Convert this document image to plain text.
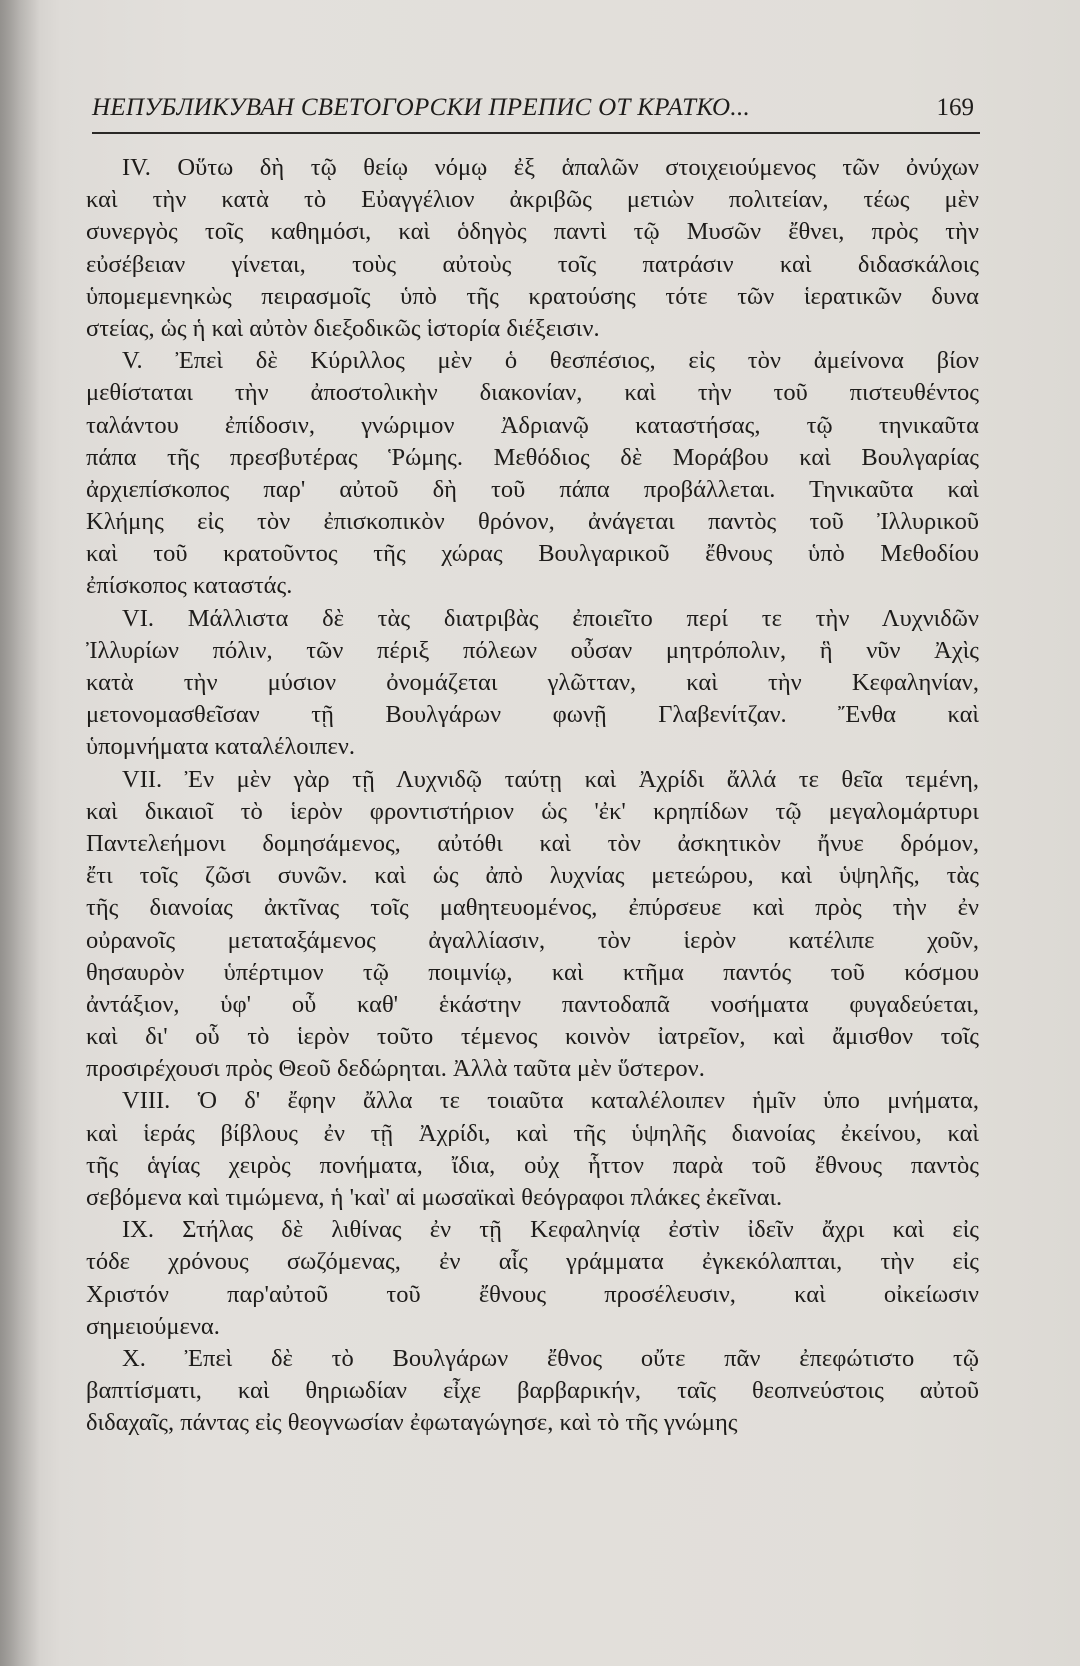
НЕПУБЛИКУВАН СВЕТОГОРСКИ ПРЕПИС ОТ КРАТКО...	169
IV. Οὕτω δὴ τῷ θείῳ νόμῳ ἐξ ἁπαλῶν στοιχειούμενος τῶν ὀνύχων
καὶ τὴν κατὰ τὸ Εὐαγγέλιον ἀκριβῶς μετιὼν πολιτείαν, τέως μὲν
συνεργὸς τοῖς καθημόσι, καὶ ὁδηγὸς παντὶ τῷ Μυσῶν ἔθνει, πρὸς τὴν
εὐσέβειαν γίνεται, τοὺς αὐτοὺς τοῖς πατράσιν καὶ διδασκάλοις
ὑπομεμενηκὼς πειρασμοῖς ὑπὸ τῆς κρατούσης τότε τῶν ἱερατικῶν δυνα
στείας, ὡς ἡ καὶ αὐτὸν διεξοδικῶς ἱστορία διέξεισιν.
V. Ἐπεὶ δὲ Κύριλλος μὲν ὁ θεσπέσιος, εἰς τὸν ἀμείνονα βίον
μεθίσταται τὴν ἀποστολικὴν διακονίαν, καὶ τὴν τοῦ πιστευθέντος
ταλάντου ἐπίδοσιν, γνώριμον Ἀδριανῷ καταστήσας, τῷ τηνικαῦτα
πάπα τῆς πρεσβυτέρας Ῥώμης. Μεθόδιος δὲ Μοράβου καὶ Βουλγαρίας
ἀρχιεπίσκοπος παρ' αὐτοῦ δὴ τοῦ πάπα προβάλλεται. Τηνικαῦτα καὶ
Κλήμης εἰς τὸν ἐπισκοπικὸν θρόνον, ἀνάγεται παντὸς τοῦ Ἰλλυρικοῦ
καὶ τοῦ κρατοῦντος τῆς χώρας Βουλγαρικοῦ ἔθνους ὑπὸ Μεθοδίου
ἐπίσκοπος καταστάς.
VI. Μάλλιστα δὲ τὰς διατριβὰς ἐποιεῖτο περί τε τὴν Λυχνιδῶν
Ἰλλυρίων πόλιν, τῶν πέριξ πόλεων οὖσαν μητρόπολιν, ἣ νῦν Ἀχὶς
κατὰ τὴν μύσιον ὀνομάζεται γλῶτταν, καὶ τὴν Κεφαληνίαν,
μετονομασθεῖσαν τῇ Βουλγάρων φωνῇ Γλαβενίτζαν. Ἔνθα καὶ
ὑπομνήματα καταλέλοιπεν.
VII. Ἐν μὲν γὰρ τῇ Λυχνιδῷ ταύτῃ καὶ Ἀχρίδι ἄλλά τε θεῖα τεμένη,
καὶ δικαιοῖ τὸ ἱερὸν φροντιστήριον ὡς 'ἐκ' κρηπίδων τῷ μεγαλομάρτυρι
Παντελεήμονι δομησάμενος, αὐτόθι καὶ τὸν ἀσκητικὸν ἤνυε δρόμον,
ἔτι τοῖς ζῶσι συνῶν. καὶ ὡς ἀπὸ λυχνίας μετεώρου, καὶ ὑψηλῆς, τὰς
τῆς διανοίας ἀκτῖνας τοῖς μαθητευομένος, ἐπύρσευε καὶ πρὸς τὴν ἐν
οὐρανοῖς μεταταξάμενος ἀγαλλίασιν, τὸν ἱερὸν κατέλιπε χοῦν,
θησαυρὸν ὑπέρτιμον τῷ ποιμνίῳ, καὶ κτῆμα παντός τοῦ κόσμου
ἀντάξιον, ὑφ' οὗ καθ' ἑκάστην παντοδαπᾶ νοσήματα φυγαδεύεται,
καὶ δι' οὗ τὸ ἱερὸν τοῦτο τέμενος κοινὸν ἰατρεῖον, καὶ ἄμισθον τοῖς
προσιρέχουσι πρὸς Θεοῦ δεδώρηται. Ἀλλὰ ταῦτα μὲν ὕστερον.
VIII. Ὁ δ' ἔφην ἄλλα τε τοιαῦτα καταλέλοιπεν ἡμῖν ὑπο μνήματα,
καὶ ἱεράς βίβλους ἐν τῇ Ἀχρίδι, καὶ τῆς ὑψηλῆς διανοίας ἐκείνου, καὶ
τῆς ἁγίας χειρὸς πονήματα, ἴδια, οὐχ ἧττον παρὰ τοῦ ἔθνους παντὸς
σεβόμενα καὶ τιμώμενα, ἡ 'καὶ' αἱ μωσαϊκαὶ θεόγραφοι πλάκες ἐκεῖναι.
IX. Στήλας δὲ λιθίνας ἐν τῇ Κεφαληνίᾳ ἐστὶν ἰδεῖν ἄχρι καὶ εἰς
τόδε χρόνους σωζόμενας, ἐν αἷς γράμματα ἐγκεκόλαπται, τὴν εἰς
Χριστόν παρ'αὐτοῦ τοῦ ἔθνους προσέλευσιν, καὶ οἰκείωσιν
σημειούμενα.
X. Ἐπεὶ δὲ τὸ Βουλγάρων ἔθνος οὔτε πᾶν ἐπεφώτιστο τῷ
βαπτίσματι, καὶ θηριωδίαν εἶχε βαρβαρικήν, ταῖς θεοπνεύστοις αὐτοῦ
διδαχαῖς, πάντας εἰς θεογνωσίαν ἐφωταγώγησε, καὶ τὸ τῆς γνώμης
